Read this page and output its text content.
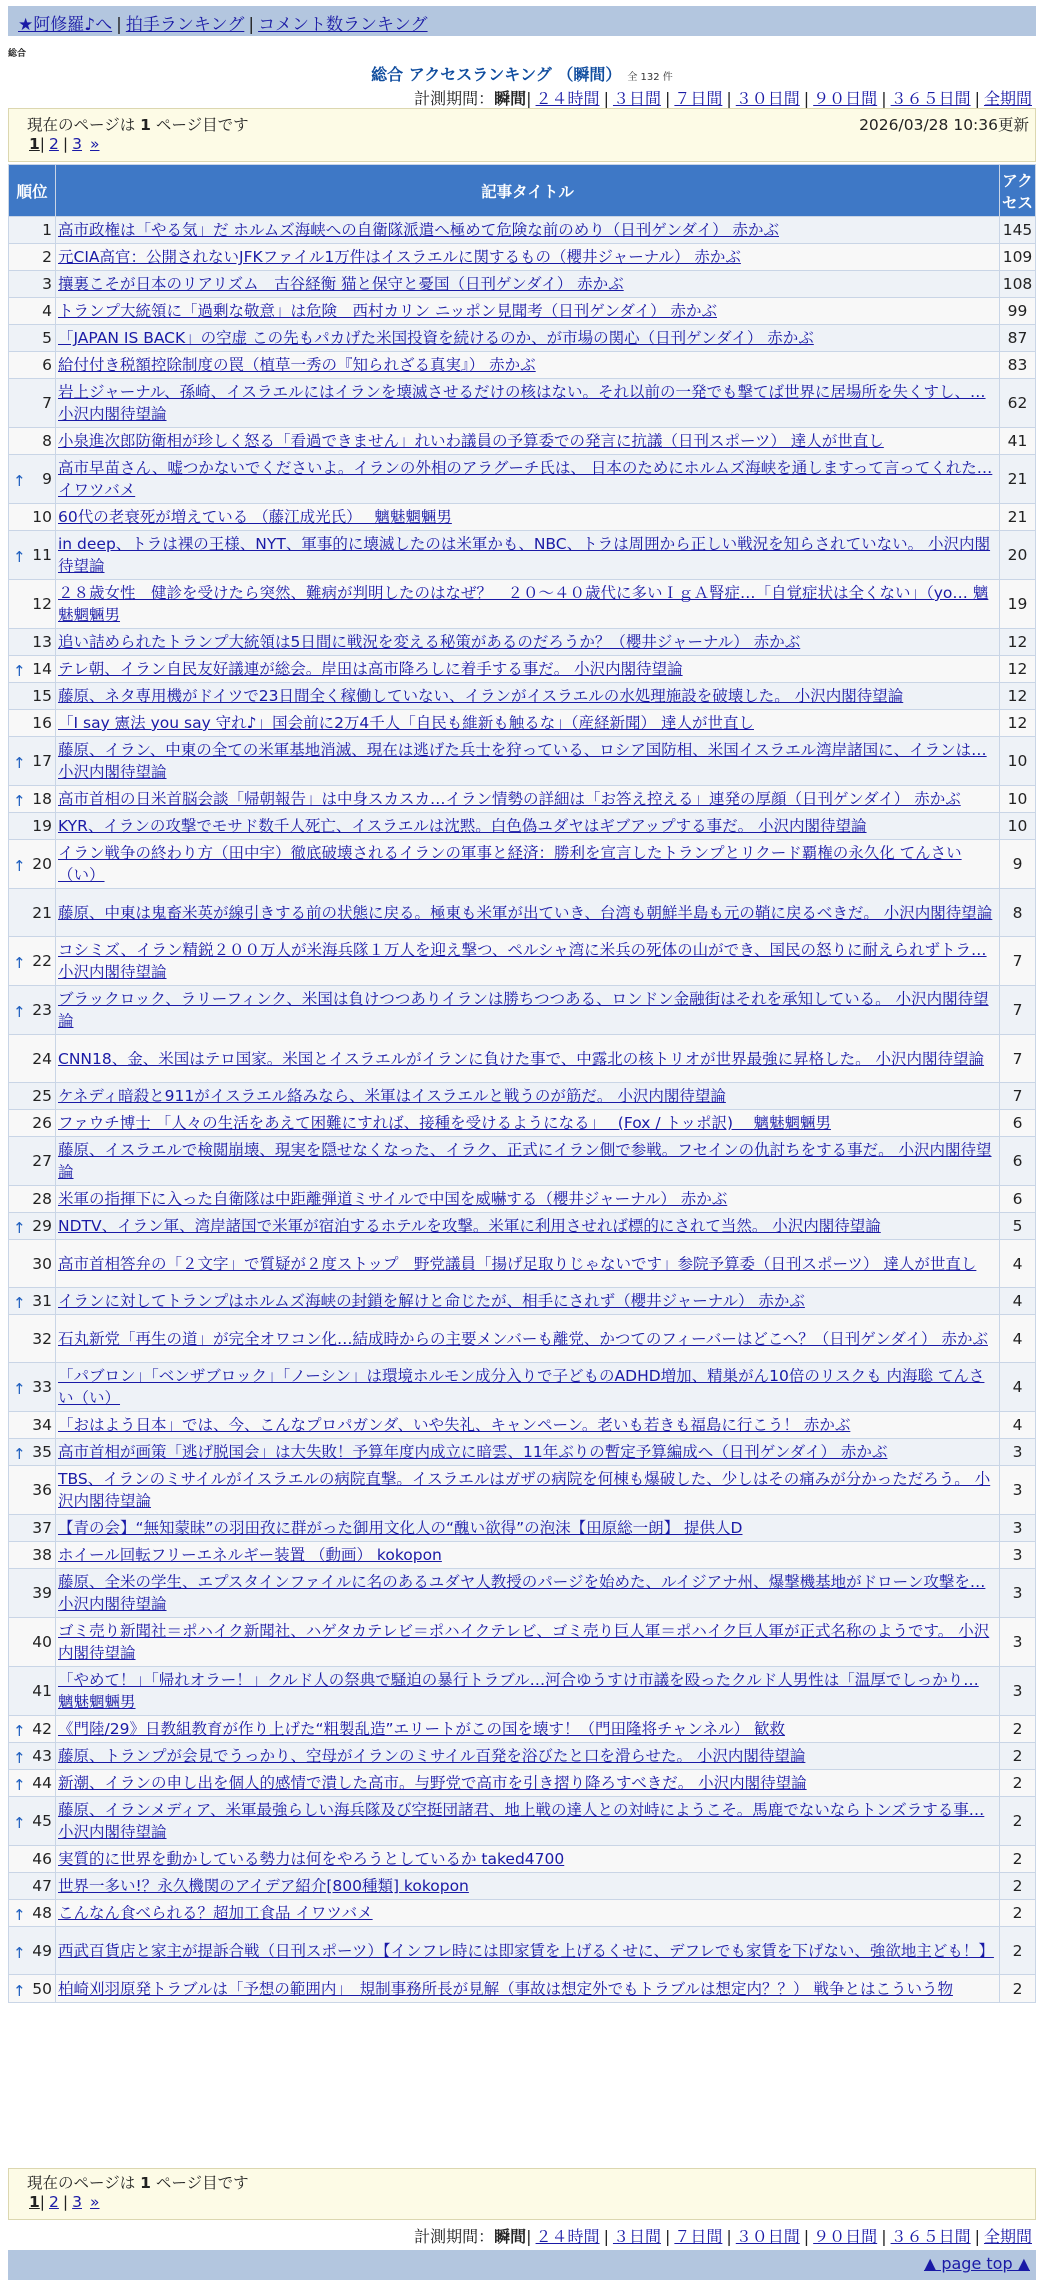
★阿修羅♪へ | 拍手ランキング | コメント数ランキング
総合
総合 アクセスランキング （瞬間） 全 132 件
計測期間：瞬間| ２４時間 | ３日間 | ７日間 | ３０日間 | ９０日間 | ３６５日間 | 全期間
現在のページは 1 ページ目です	2026/03/28 10:36更新
1| 2 | 3 »
順位	記事タイトル	アクセス
1	高市政権は「やる気」だ ホルムズ海峡への自衛隊派遣へ極めて危険な前のめり（日刊ゲンダイ） 赤かぶ	145
2	元CIA高官：公開されないJFKファイル1万件はイスラエルに関するもの（櫻井ジャーナル） 赤かぶ	109
3	攘裏こそが日本のリアリズム　古谷経衡 猫と保守と憂国（日刊ゲンダイ） 赤かぶ	108
4	トランプ大統領に「過剰な敬意」は危険　西村カリン ニッポン見聞考（日刊ゲンダイ） 赤かぶ	99
5	「JAPAN IS BACK」の空虚 この先もパカげた米国投資を続けるのか、が市場の関心（日刊ゲンダイ） 赤かぶ	87
6	給付付き税額控除制度の罠（植草一秀の『知られざる真実』） 赤かぶ	83
7	岩上ジャーナル、孫崎、イスラエルにはイランを壊滅させるだけの核はない。それ以前の一発でも撃てば世界に居場所を失くすし、… 小沢内閣待望論	62
8	小泉進次郎防衛相が珍しく怒る「看過できません」れいわ議員の予算委での発言に抗議（日刊スポーツ） 達人が世直し	41

↑ 9	高市早苗さん、嘘つかないでくださいよ。イランの外相のアラグーチ氏は、 日本のためにホルムズ海峡を通しますって言ってくれた… イワツバメ	21
10	60代の老衰死が増えている （藤江成光氏）　 魑魅魍魎男	21

↑ 11	in deep、トラは裸の王様、NYT、軍事的に壊滅したのは米軍かも、NBC、トラは周囲から正しい戦況を知らされていない。 小沢内閣待望論	20
12	２８歳女性　健診を受けたら突然、難病が判明したのはなぜ？　２０～４０歳代に多いＩｇＡ腎症…「自覚症状は全くない」（yo… 魑魅魍魎男	19
13	追い詰められたトランプ大統領は5日間に戦況を変える秘策があるのだろうか？（櫻井ジャーナル） 赤かぶ	12

↑ 14	テレ朝、イラン自民友好議連が総会。岸田は高市降ろしに着手する事だ。 小沢内閣待望論	12
15	藤原、ネタ専用機がドイツで23日間全く稼働していない、イランがイスラエルの水処理施設を破壊した。 小沢内閣待望論	12
16	「I say 憲法 you say 守れ♪」国会前に2万4千人「自民も維新も触るな」（産経新聞） 達人が世直し	12

↑ 17	藤原、イラン、中東の全ての米軍基地消滅、現在は逃げた兵士を狩っている、ロシア国防相、米国イスラエル湾岸諸国に、イランは… 小沢内閣待望論	10

↑ 18	高市首相の日米首脳会談「帰朝報告」は中身スカスカ…イラン情勢の詳細は「お答え控える」連発の厚顔（日刊ゲンダイ） 赤かぶ	10
19	KYR、イランの攻撃でモサド数千人死亡、イスラエルは沈黙。白色偽ユダヤはギブアップする事だ。 小沢内閣待望論	10

↑ 20	イラン戦争の終わり方（田中宇）徹底破壊されるイランの軍事と経済：勝利を宣言したトランプとリクード覇権の永久化 てんさい（い）	9
21	藤原、中東は鬼畜米英が線引きする前の状態に戻る。極東も米軍が出ていき、台湾も朝鮮半島も元の鞘に戻るべきだ。 小沢内閣待望論	8

↑ 22	コシミズ、イラン精鋭２００万人が米海兵隊１万人を迎え撃つ、ペルシャ湾に米兵の死体の山ができ、国民の怒りに耐えられずトラ… 小沢内閣待望論	7

↑ 23	ブラックロック、ラリーフィンク、米国は負けつつありイランは勝ちつつある、ロンドン金融街はそれを承知している。 小沢内閣待望論	7
24	CNN18、金、米国はテロ国家。米国とイスラエルがイランに負けた事で、中露北の核トリオが世界最強に昇格した。 小沢内閣待望論	7
25	ケネディ暗殺と911がイスラエル絡みなら、米軍はイスラエルと戦うのが筋だ。 小沢内閣待望論	7
26	ファウチ博士 「人々の生活をあえて困難にすれば、接種を受けるようになる」　 (Fox / トッポ訳)　 魑魅魍魎男	6
27	藤原、イスラエルで検閲崩壊、現実を隠せなくなった、イラク、正式にイラン側で参戦。フセインの仇討ちをする事だ。 小沢内閣待望論	6
28	米軍の指揮下に入った自衛隊は中距離弾道ミサイルで中国を威嚇する（櫻井ジャーナル） 赤かぶ	6

↑ 29	NDTV、イラン軍、湾岸諸国で米軍が宿泊するホテルを攻撃。米軍に利用させれば標的にされて当然。 小沢内閣待望論	5
30	高市首相答弁の「２文字」で質疑が２度ストップ　野党議員「揚げ足取りじゃないです」参院予算委（日刊スポーツ） 達人が世直し	4

↑ 31	イランに対してトランプはホルムズ海峡の封鎖を解けと命じたが、相手にされず（櫻井ジャーナル） 赤かぶ	4
32	石丸新党「再生の道」が完全オワコン化…結成時からの主要メンバーも離党、かつてのフィーバーはどこへ？（日刊ゲンダイ） 赤かぶ	4

↑ 33	「パブロン」「ベンザブロック」「ノーシン」は環境ホルモン成分入りで子どものADHD増加、精巣がん10倍のリスクも 内海聡 てんさい（い）	4
34	「おはよう日本」では、今、こんなプロパガンダ、いや失礼、キャンペーン。老いも若きも福島に行こう！ 赤かぶ	4

↑ 35	高市首相が画策「逃げ脱国会」は大失敗！予算年度内成立に暗雲、11年ぶりの暫定予算編成へ（日刊ゲンダイ） 赤かぶ	3
36	TBS、イランのミサイルがイスラエルの病院直撃。イスラエルはガザの病院を何棟も爆破した、少しはその痛みが分かっただろう。 小沢内閣待望論	3
37	【青の会】“無知蒙昧”の羽田孜に群がった御用文化人の“醜い欲得”の泡沫【田原総一朗】 提供人D	3
38	ホイール回転フリーエネルギー装置 （動画） kokopon	3
39	藤原、全米の学生、エプスタインファイルに名のあるユダヤ人教授のパージを始めた、ルイジアナ州、爆撃機基地がドローン攻撃を… 小沢内閣待望論	3
40	ゴミ売り新聞社＝ポハイク新聞社、ハゲタカテレビ＝ポハイクテレビ、ゴミ売り巨人軍＝ポハイク巨人軍が正式名称のようです。 小沢内閣待望論	3
41	「やめて！」「帰れオラー！」クルド人の祭典で騒迫の暴行トラブル…河合ゆうすけ市議を殴ったクルド人男性は「温厚でしっかり… 魑魅魍魎男	3

↑ 42	《門陸/29》日教組教育が作り上げた“粗製乱造”エリートがこの国を壊す！（門田隆将チャンネル） 歓救	2

↑ 43	藤原、トランプが会見でうっかり、空母がイランのミサイル百発を浴びたと口を滑らせた。 小沢内閣待望論	2

↑ 44	新潮、イランの申し出を個人的感情で潰した高市。与野党で高市を引き摺り降ろすべきだ。 小沢内閣待望論	2

↑ 45	藤原、イランメディア、米軍最強らしい海兵隊及び空挺団諸君、地上戦の達人との対峙にようこそ。馬鹿でないならトンズラする事… 小沢内閣待望論	2
46	実質的に世界を動かしている勢力は何をやろうとしているか taked4700	2
47	世界一多い!？永久機関のアイデア紹介[800種類] kokopon	2

↑ 48	こんなん食べられる？超加工食品 イワツバメ	2

↑ 49	西武百貨店と家主が提訴合戦（日刊スポーツ）【インフレ時には即家賃を上げるくせに、デフレでも家賃を下げない、強欲地主ども！】	2

↑ 50	柏崎刈羽原発トラブルは「予想の範囲内」　規制事務所長が見解（事故は想定外でもトラブルは想定内？？） 戦争とはこういう物	2
現在のページは 1 ページ目です
1| 2 | 3 »
計測期間：瞬間| ２４時間 | ３日間 | ７日間 | ３０日間 | ９０日間 | ３６５日間 | 全期間
▲ page top ▲
